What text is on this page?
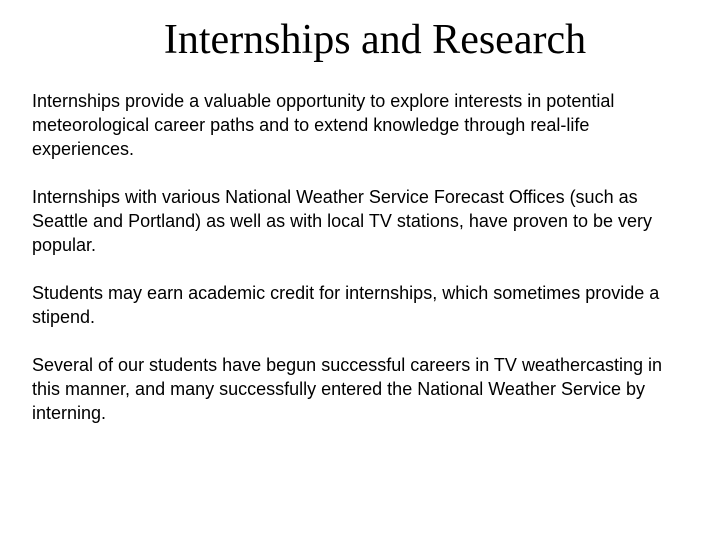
Internships and Research

Internships provide a valuable opportunity to explore interests in potential meteorological career paths and to extend knowledge through real-life experiences.

Internships with various National Weather Service Forecast Offices (such as Seattle and Portland) as well as with local TV stations, have proven to be very popular.

Students may earn academic credit for internships, which sometimes provide a stipend.

Several of our students have begun successful careers in TV weathercasting in this manner, and many successfully entered the National Weather Service by interning.
